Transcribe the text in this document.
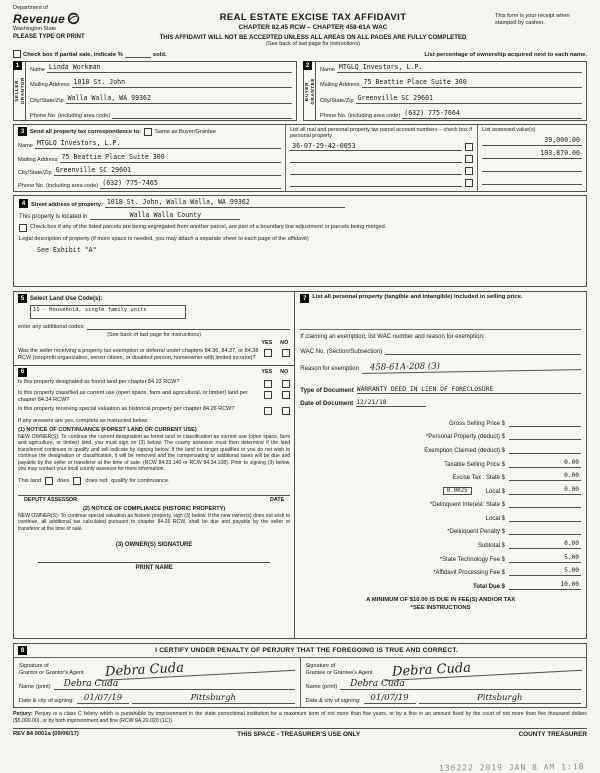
Department of
Revenue
Washington State
REAL ESTATE EXCISE TAX AFFIDAVIT
CHAPTER 82.45 RCW – CHAPTER 458-61A WAC
This form is your receipt when stamped by cashier.
PLEASE TYPE OR PRINT	THIS AFFIDAVIT WILL NOT BE ACCEPTED UNLESS ALL AREAS ON ALL PAGES ARE FULLY COMPLETED
(See back of last page for instructions)
Check box if partial sale, indicate %	sold.	List percentage of ownership acquired next to each name.
1
SELLER GRANTOR
Name Linda Workman
Mailing Address 1018 St. John
City/State/Zip Walla Walla, WA 99362
Phone No. (including area code)
2
BUYER GRANTEE
Name MTGLQ Investors, L.P.
Mailing Address 75 Beattie Place Suite 300
City/State/Zip Greenville SC 29601
Phone No. (including area code) (632) 775-7664
3	Send all property tax correspondence to: Same as Buyer/Grantee
Name MTGLQ Investors, L.P.
Mailing Address 75 Beattie Place Suite 300
City/State/Zip Greenville SC 29601
Phone No. (including area code) (632) 775-7465
List all real and personal property tax parcel account numbers – check box if personal property
36-07-29-42-0053
List assessed value(s)
39,000.00
103,870.00
4	Street address of property: 1018 St. John, Walla Walla, WA 99362
This property is located in	Walla Walla County
Check box if any of the listed parcels are being segregated from another parcel, are part of a boundary line adjustment or parcels being merged.
Legal description of property (if more space is needed, you may attach a separate sheet to each page of the affidavit)
See Exhibit "A"
5 Select Land Use Code(s):
11 - Household, single family units
enter any additional codes:
(See back of last page for instructions)
YES NO
Was the seller receiving a property tax exemption or deferral under chapters 84.36, 84.37, or 84.38 RCW (nonprofit organization, senior citizen, or disabled person, homeowner with limited income)?
6	YES NO
Is this property designated as forest land per chapter 84.33 RCW?
Is this property classified as current use (open space, farm and agricultural, or timber) land per chapter 84.34 RCW?
Is this property receiving special valuation as historical property per chapter 84.26 RCW?
If any answers are yes, complete as instructed below.
(1) NOTICE OF CONTINUANCE (FOREST LAND OR CURRENT USE)
NEW OWNER(S): To continue the current designation as forest land or classification as current use (open space, farm and agriculture, or timber) land, you must sign on (3) below. The county assessor must then determine if the land transferred continues to qualify and will indicate by signing below. If the land no longer qualifies or you do not wish to continue the designation or classification, it will be removed and the compensating or additional taxes will be due and payable by the seller or transferor at the time of sale. (RCW 84.33.140 or RCW 84.34.108). Prior to signing (3) below, you may contact your local county assessor for more information.
This land	does	does not qualify for continuance.
DEPUTY ASSESSOR	DATE
(2) NOTICE OF COMPLIANCE (HISTORIC PROPERTY)
NEW OWNER(S): To continue special valuation as historic property, sign (3) below. If the new owner(s) does not wish to continue, all additional tax calculated pursuant to chapter 84.26 RCW, shall be due and payable by the seller or transferor at the time of sale.
(3) OWNER(S) SIGNATURE
PRINT NAME
7 List all personal property (tangible and intangible) included in selling price.
If claiming an exemption, list WAC number and reason for exemption:
WAC No. (Section/Subsection)
Reason for exemption	458-61A-208 (3)
Type of Document WARRANTY DEED IN LIEN OF FORECLOSURE
Date of Document 12/21/18
Gross Selling Price $
*Personal Property (deduct) $
Exemption Claimed (deduct) $
Taxable Selling Price $	0.00
Excise Tax : State $	0.00
0.0025	Local $	0.00
*Delinquent Interest: State $
Local $
*Delinquent Penalty $
Subtotal $	0.00
*State Technology Fee $	5.00
*Affidavit Processing Fee $	5.00
Total Due $	10.00
A MINIMUM OF $10.00 IS DUE IN FEE(S) AND/OR TAX
*SEE INSTRUCTIONS
8	I CERTIFY UNDER PENALTY OF PERJURY THAT THE FOREGOING IS TRUE AND CORRECT.
Signature of
Grantor or Grantor's Agent	Debra Cuda
Name (print)	Debra Cuda
Date & city of signing:	01/07/19	Pittsburgh
Signature of
Grantee or Grantee's Agent	Debra Cuda
Name (print)	Debra Cuda
Date & city of signing:	01/07/19	Pittsburgh
Perjury: Perjury is a class C felony which is punishable by imprisonment in the state correctional institution for a maximum term of not more than five years, or by a fine in an amount fixed by the court of not more than five thousand dollars ($5,000.00), or by both imprisonment and fine (RCW 9A.20.020 (1C)).
REV 84 0001a (09/06/17)	THIS SPACE - TREASURER'S USE ONLY	COUNTY TREASURER
136222 2019 JAN 8 AM 1:18
